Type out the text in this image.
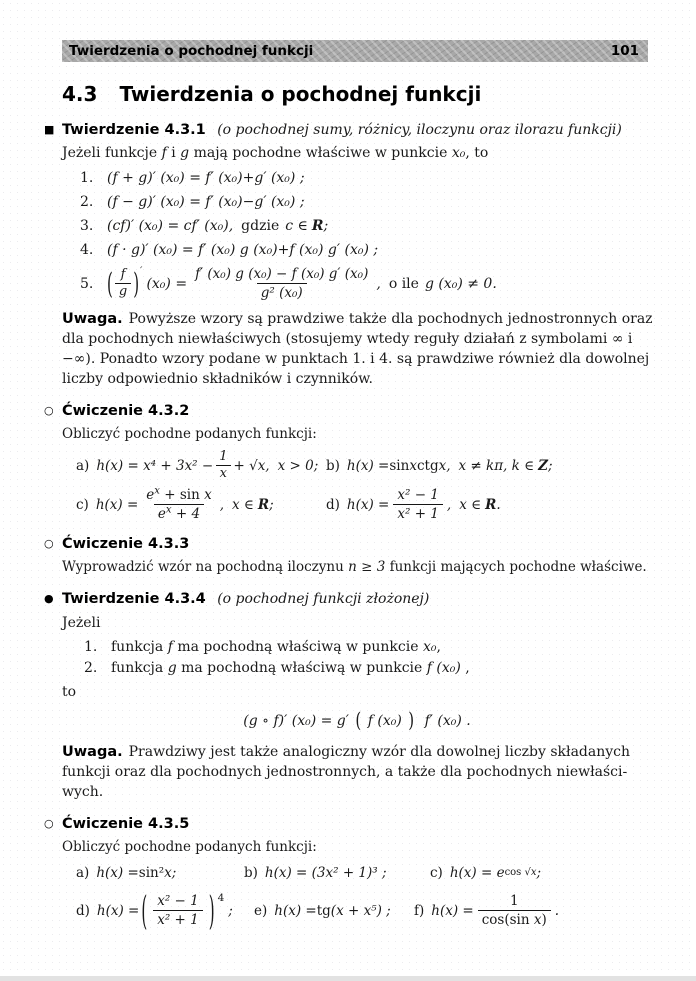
Twierdzenia o pochodnej funkcji	101
4.3 Twierdzenia o pochodnej funkcji
■ Twierdzenie 4.3.1 (o pochodnej sumy, różnicy, iloczynu oraz ilorazu funkcji)
Jeżeli funkcje f i g mają pochodne właściwe w punkcie x₀, to
1. (f + g)′ (x₀) = f′ (x₀)+g′ (x₀) ;
2. (f − g)′ (x₀) = f′ (x₀)−g′ (x₀) ;
3. (cf)′ (x₀) = cf′ (x₀), gdzie c ∈ R ;
4. (f · g)′ (x₀) = f′ (x₀) g (x₀)+f (x₀) g′ (x₀) ;
5. ( $\frac{f}{g}$ ) ′
$(x_0) = \frac{\text{f′ (x₀) g (x₀) − f (x₀) g′ (x₀)}}{\text{g² (x₀)}}$ , o ile g (x₀) ≠ 0.
Uwaga. Powyższe wzory są prawdziwe także dla pochodnych jednostronnych oraz
dla pochodnych niewłaściwych (stosujemy wtedy reguły działań z symbolami ∞ i
−∞). Ponadto wzory podane w punktach 1. i 4. są prawdziwe również dla dowolnej
liczby odpowiednio składników i czynników.
○ Ćwiczenie 4.3.2
Obliczyć pochodne podanych funkcji:
a) $h(x) = x^4 + 3x^2 - \frac{1}{x} + √x$, x > 0; b) h(x) = sin x ctg x, x ≠ kπ, k ∈ Z ;
c) $h(x) = \frac{e^x + \sin x}{e^x + 4}$ , x ∈ R ;	d) $h(x) = \frac{\text{x² − 1}}{\text{x² + 1}}$ , x ∈ R .
○ Ćwiczenie 4.3.3
Wyprowadzić wzór na pochodną iloczynu n ≥ 3 funkcji mających pochodne właściwe.
● Twierdzenie 4.3.4 (o pochodnej funkcji złożonej)
Jeżeli
1. funkcja f ma pochodną właściwą w punkcie x₀,
2. funkcja g ma pochodną właściwą w punkcie f (x₀) ,
to
(g ∘ f)′ (x₀) = g′ ( f (x₀) ) f′ (x₀) .
Uwaga. Prawdziwy jest także analogiczny wzór dla dowolnej liczby składanych
funkcji oraz dla pochodnych jednostronnych, a także dla pochodnych niewłaści-
wych.
○ Ćwiczenie 4.3.5
Obliczyć pochodne podanych funkcji:
a) h(x) = sin² x;	b) h(x) = (3x² + 1)³ ;	c) h(x) = e cos √x ;
d) h(x) = ( $\frac{\text{x² − 1}}{\text{x² + 1}}$ ) 4
; e) h(x) = tg (x + x⁵) ; f) $h(x) = \frac{1}{\text{cos(sin x)}}$ .
